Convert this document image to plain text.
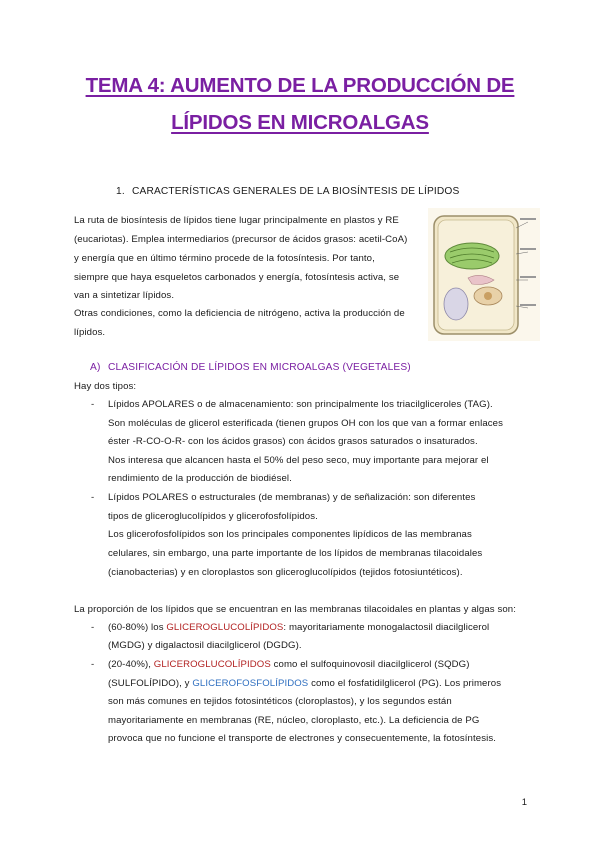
TEMA 4: AUMENTO DE LA PRODUCCIÓN DE
LÍPIDOS EN MICROALGAS
1. CARACTERÍSTICAS GENERALES DE LA BIOSÍNTESIS DE LÍPIDOS
La ruta de biosíntesis de lípidos tiene lugar principalmente en plastos y RE
(eucariotas). Emplea intermediarios (precursor de ácidos grasos: acetil-CoA)
y energía que en último término procede de la fotosíntesis. Por tanto,
siempre que haya esqueletos carbonados y energía, fotosíntesis activa, se
van a sintetizar lípidos.
Otras condiciones, como la deficiencia de nitrógeno, activa la producción de
lípidos.
A) CLASIFICACIÓN DE LÍPIDOS EN MICROALGAS (VEGETALES)
Hay dos tipos:
- Lípidos APOLARES o de almacenamiento: son principalmente los triacilgliceroles (TAG).
Son moléculas de glicerol esterificada (tienen grupos OH con los que van a formar enlaces
éster -R-CO-O-R- con los ácidos grasos) con ácidos grasos saturados o insaturados.
Nos interesa que alcancen hasta el 50% del peso seco, muy importante para mejorar el
rendimiento de la producción de biodiésel.
- Lípidos POLARES o estructurales (de membranas) y de señalización: son diferentes
tipos de gliceroglucolípidos y glicerofosfolípidos.
Los glicerofosfolípidos son los principales componentes lipídicos de las membranas
celulares, sin embargo, una parte importante de los lípidos de membranas tilacoidales
(cianobacterias) y en cloroplastos son gliceroglucolípidos (tejidos fotosiuntéticos).
La proporción de los lípidos que se encuentran en las membranas tilacoidales en plantas y algas son:
- (60-80%) los GLICEROGLUCOLÍPIDOS: mayoritariamente monogalactosil diacilglicerol
(MGDG) y digalactosil diacilglicerol (DGDG).
- (20-40%), GLICEROGLUCOLÍPIDOS como el sulfoquinovosil diacilglicerol (SQDG)
(SULFOLÍPIDO), y GLICEROFOSFOLÍPIDOS como el fosfatidilglicerol (PG). Los primeros
son más comunes en tejidos fotosintéticos (cloroplastos), y los segundos están
mayoritariamente en membranas (RE, núcleo, cloroplasto, etc.). La deficiencia de PG
provoca que no funcione el transporte de electrones y consecuentemente, la fotosíntesis.
1
